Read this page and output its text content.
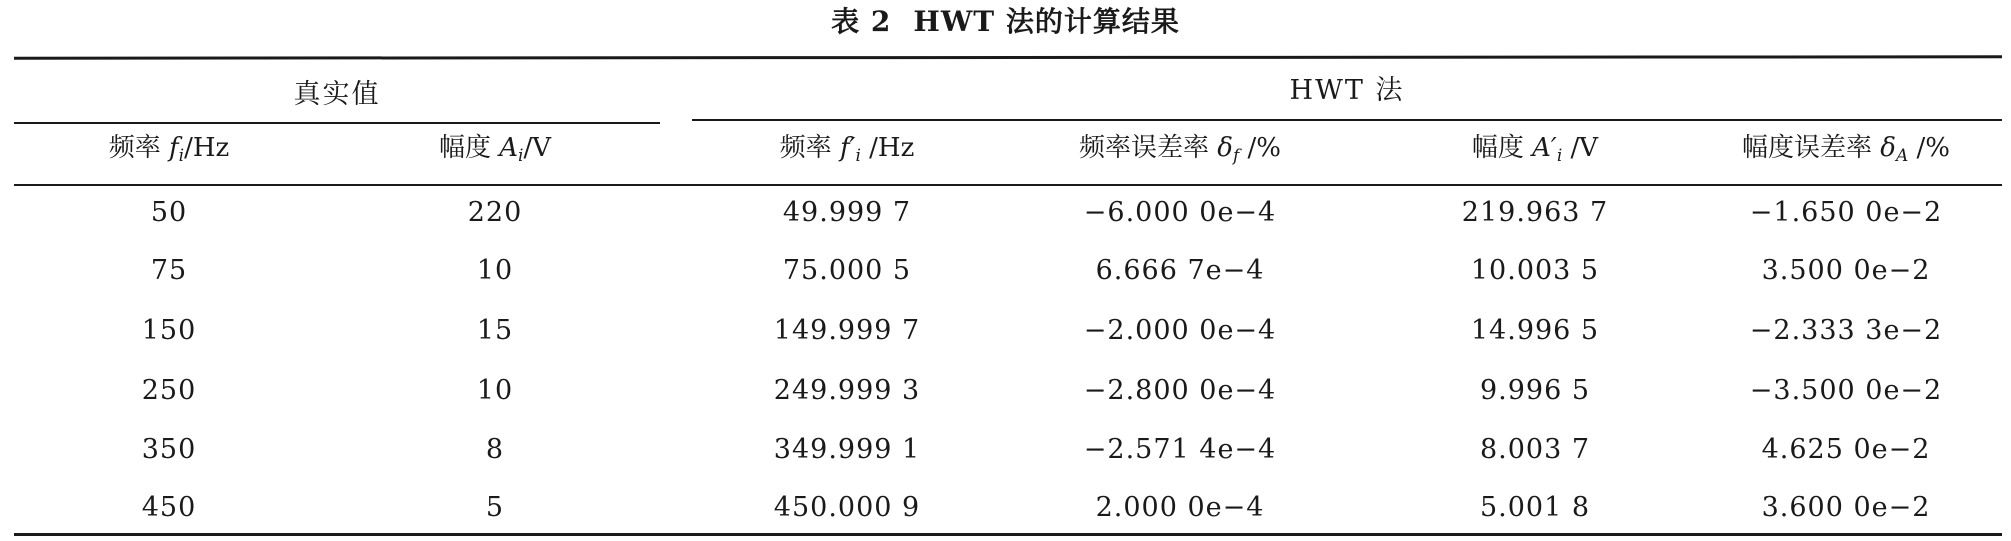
表 2 HWT 法的计算结果
真实值	HWT 法
频率 $f_i/Hz$	幅度 $A_i/V$	频率 $f'_i$ /Hz	频率误差率 $\delta_f$ /%	幅度 $A'_i$ /V	幅度误差率 $\delta_A$ /%
50	220	49.999 7	−6.000 0e−4	219.963 7	−1.650 0e−2
75	10	75.000 5	6.666 7e−4	10.003 5	3.500 0e−2
150	15	149.999 7	−2.000 0e−4	14.996 5	−2.333 3e−2
250	10	249.999 3	−2.800 0e−4	9.996 5	−3.500 0e−2
350	8	349.999 1	−2.571 4e−4	8.003 7	4.625 0e−2
450	5	450.000 9	2.000 0e−4	5.001 8	3.600 0e−2
